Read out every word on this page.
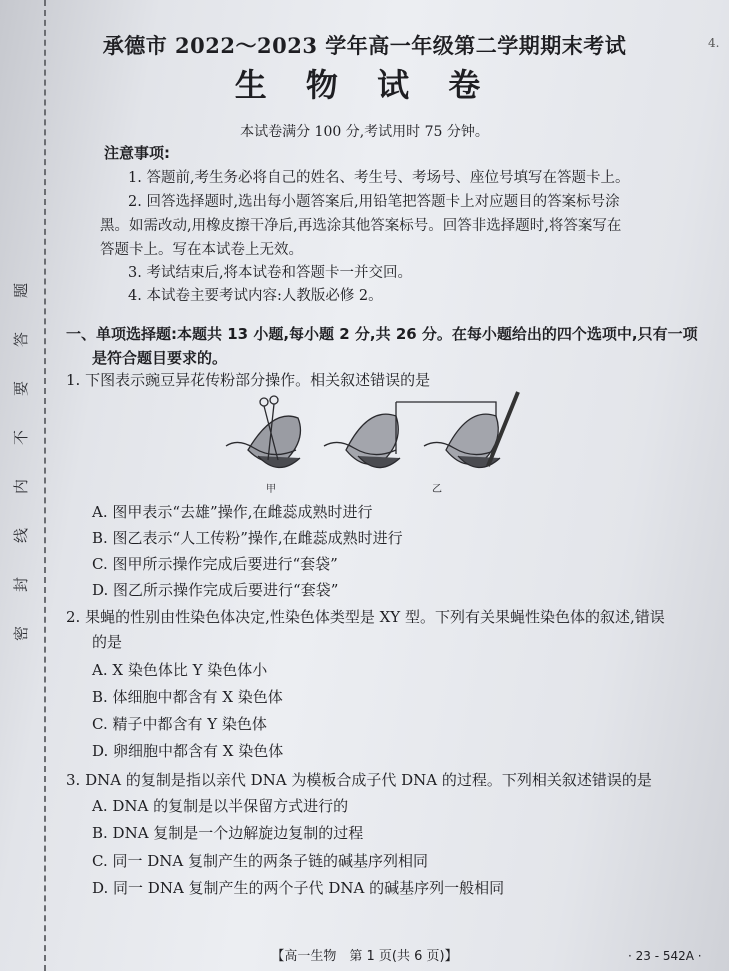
题
答
要
不
内
线
封
密
4.
承德市 2022～2023 学年高一年级第二学期期末考试
生 物 试 卷
本试卷满分 100 分,考试用时 75 分钟。
注意事项:
1. 答题前,考生务必将自己的姓名、考生号、考场号、座位号填写在答题卡上。
2. 回答选择题时,选出每小题答案后,用铅笔把答题卡上对应题目的答案标号涂
黑。如需改动,用橡皮擦干净后,再选涂其他答案标号。回答非选择题时,将答案写在
答题卡上。写在本试卷上无效。
3. 考试结束后,将本试卷和答题卡一并交回。
4. 本试卷主要考试内容:人教版必修 2。
一、单项选择题:本题共 13 小题,每小题 2 分,共 26 分。在每小题给出的四个选项中,只有一项
是符合题目要求的。
1. 下图表示豌豆异花传粉部分操作。相关叙述错误的是
甲	乙
A. 图甲表示“去雄”操作,在雌蕊成熟时进行
B. 图乙表示“人工传粉”操作,在雌蕊成熟时进行
C. 图甲所示操作完成后要进行“套袋”
D. 图乙所示操作完成后要进行“套袋”
2. 果蝇的性别由性染色体决定,性染色体类型是 XY 型。下列有关果蝇性染色体的叙述,错误
的是
A. X 染色体比 Y 染色体小
B. 体细胞中都含有 X 染色体
C. 精子中都含有 Y 染色体
D. 卵细胞中都含有 X 染色体
3. DNA 的复制是指以亲代 DNA 为模板合成子代 DNA 的过程。下列相关叙述错误的是
A. DNA 的复制是以半保留方式进行的
B. DNA 复制是一个边解旋边复制的过程
C. 同一 DNA 复制产生的两条子链的碱基序列相同
D. 同一 DNA 复制产生的两个子代 DNA 的碱基序列一般相同
【高一生物　第 1 页(共 6 页)】	· 23 - 542A ·
